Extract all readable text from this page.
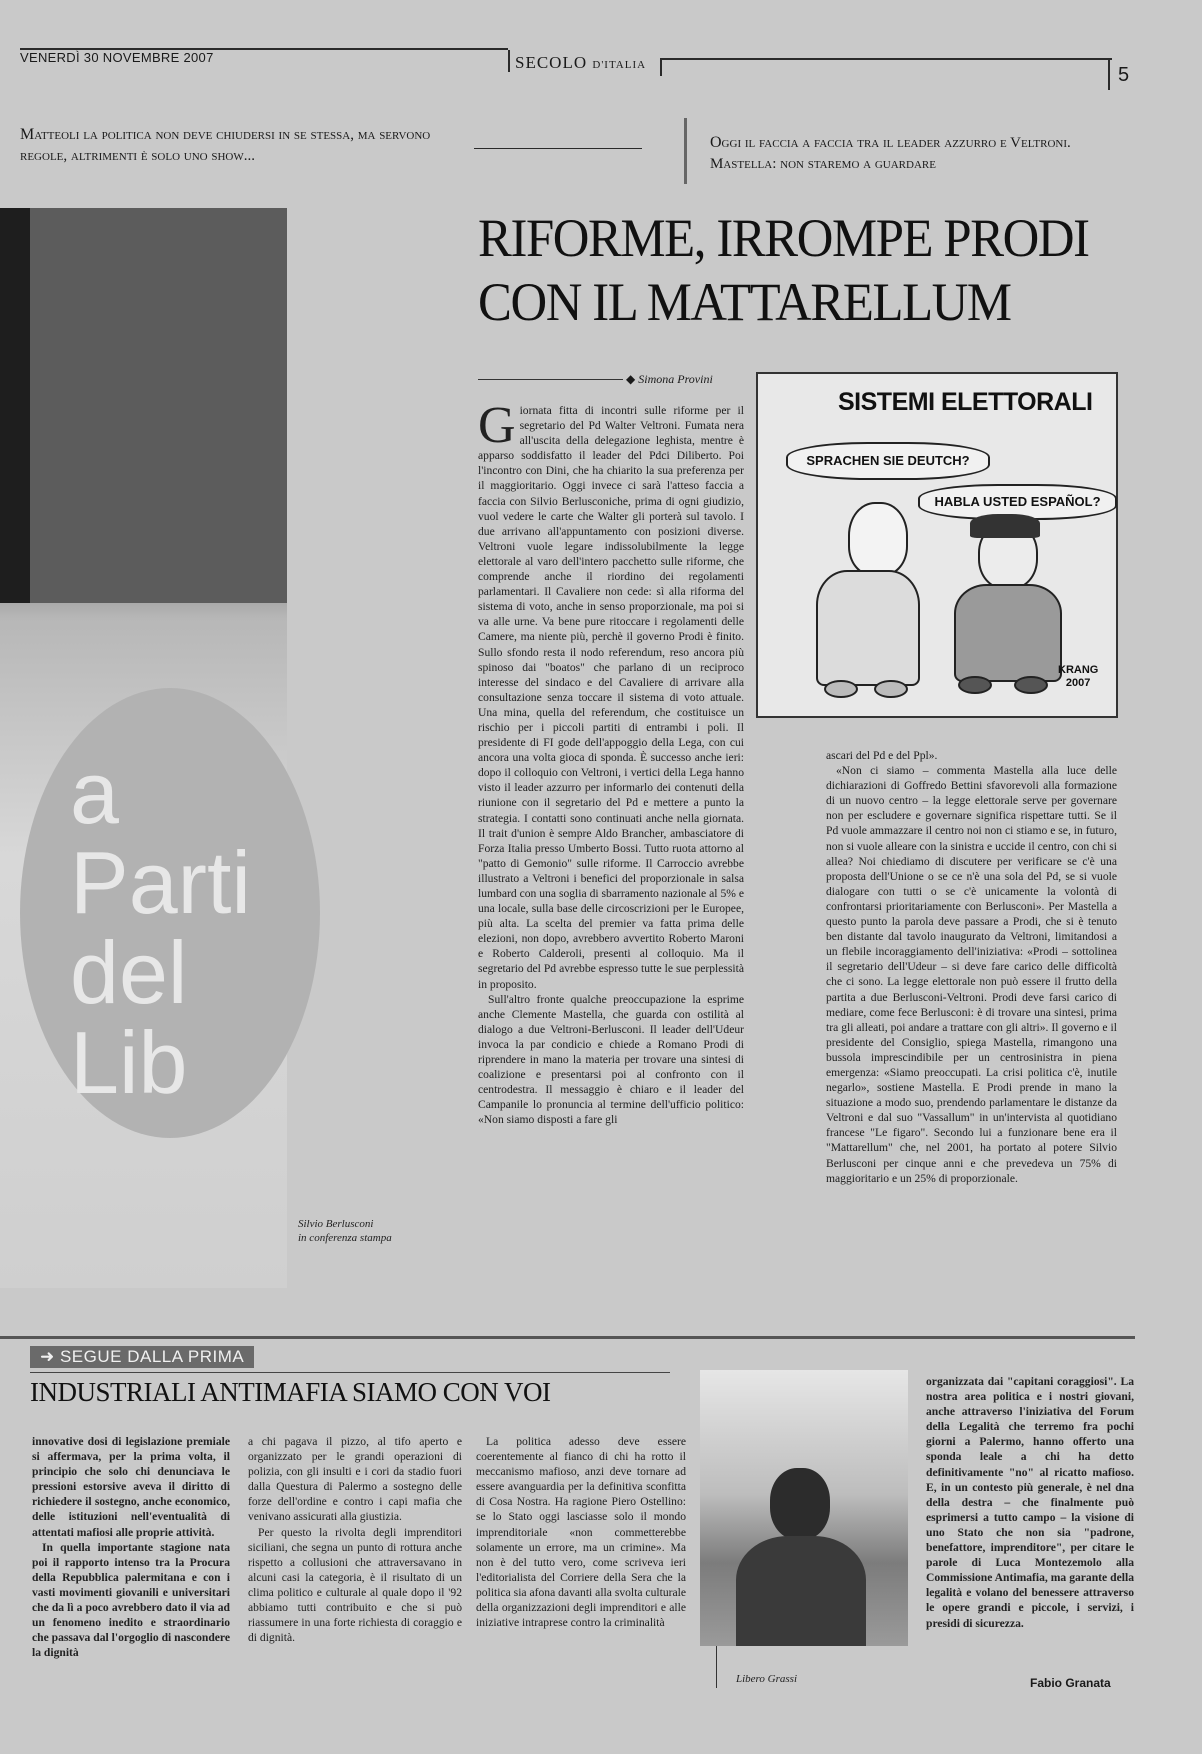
VENERDÌ 30 NOVEMBRE 2007	SECOLO D'ITALIA	5
Matteoli la politica non deve chiudersi in se stessa, ma servono regole, altrimenti è solo uno show...
Oggi il faccia a faccia tra il leader azzurro e Veltroni. Mastella: non staremo a guardare
a Parti del Lib
Silvio Berlusconi
in conferenza stampa
RIFORME, IRROMPE PRODI
CON IL MATTARELLUM
◆ Simona Provini
SISTEMI ELETTORALI
SPRACHEN SIE DEUTCH?
HABLA USTED ESPAÑOL?
KRANG
2007

Giornata fitta di incontri sulle riforme per il segretario del Pd Walter Veltroni. Fumata nera all'uscita della delegazione leghista, mentre è apparso soddisfatto il leader del Pdci Diliberto. Poi l'incontro con Dini, che ha chiarito la sua preferenza per il maggioritario. Oggi invece ci sarà l'atteso faccia a faccia con Silvio Berlusconiche, prima di ogni giudizio, vuol vedere le carte che Walter gli porterà sul tavolo. I due arrivano all'appuntamento con posizioni diverse. Veltroni vuole legare indissolubilmente la legge elettorale al varo dell'intero pacchetto sulle riforme, che comprende anche il riordino dei regolamenti parlamentari. Il Cavaliere non cede: sì alla riforma del sistema di voto, anche in senso proporzionale, ma poi si va alle urne. Va bene pure ritoccare i regolamenti delle Camere, ma niente più, perchè il governo Prodi è finito. Sullo sfondo resta il nodo referendum, reso ancora più spinoso dai "boatos" che parlano di un reciproco interesse del sindaco e del Cavaliere di arrivare alla consultazione senza toccare il sistema di voto attuale. Una mina, quella del referendum, che costituisce un rischio per i piccoli partiti di entrambi i poli. Il presidente di FI gode dell'appoggio della Lega, con cui ancora una volta gioca di sponda. È successo anche ieri: dopo il colloquio con Veltroni, i vertici della Lega hanno visto il leader azzurro per informarlo dei contenuti della riunione con il segretario del Pd e mettere a punto la strategia. I contatti sono continuati anche nella giornata. Il trait d'union è sempre Aldo Brancher, ambasciatore di Forza Italia presso Umberto Bossi. Tutto ruota attorno al "patto di Gemonio" sulle riforme. Il Carroccio avrebbe illustrato a Veltroni i benefici del proporzionale in salsa lumbard con una soglia di sbarramento nazionale al 5% e una locale, sulla base delle circoscrizioni per le Europee, più alta. La scelta del premier va fatta prima delle elezioni, non dopo, avrebbero avvertito Roberto Maroni e Roberto Calderoli, presenti al colloquio. Ma il segretario del Pd avrebbe espresso tutte le sue perplessità in proposito.

Sull'altro fronte qualche preoccupazione la esprime anche Clemente Mastella, che guarda con ostilità al dialogo a due Veltroni-Berlusconi. Il leader dell'Udeur invoca la par condicio e chiede a Romano Prodi di riprendere in mano la materia per trovare una sintesi di coalizione e presentarsi poi al confronto con il centrodestra. Il messaggio è chiaro e il leader del Campanile lo pronuncia al termine dell'ufficio politico: «Non siamo disposti a fare gli

ascari del Pd e del Ppl».

«Non ci siamo – commenta Mastella alla luce delle dichiarazioni di Goffredo Bettini sfavorevoli alla formazione di un nuovo centro – la legge elettorale serve per governare non per escludere e governare significa rispettare tutti. Se il Pd vuole ammazzare il centro noi non ci stiamo e se, in futuro, non si vuole alleare con la sinistra e uccide il centro, con chi si allea? Noi chiediamo di discutere per verificare se c'è una proposta dell'Unione o se ce n'è una sola del Pd, se si vuole dialogare con tutti o se c'è unicamente la volontà di confrontarsi prioritariamente con Berlusconi». Per Mastella a questo punto la parola deve passare a Prodi, che si è tenuto ben distante dal tavolo inaugurato da Veltroni, limitandosi a un flebile incoraggiamento dell'iniziativa: «Prodi – sottolinea il segretario dell'Udeur – si deve fare carico delle difficoltà che ci sono. La legge elettorale non può essere il frutto della partita a due Berlusconi-Veltroni. Prodi deve farsi carico di mediare, come fece Berlusconi: è di trovare una sintesi, prima tra gli alleati, poi andare a trattare con gli altri». Il governo e il presidente del Consiglio, spiega Mastella, rimangono una bussola imprescindibile per un centrosinistra in piena emergenza: «Siamo preoccupati. La crisi politica c'è, inutile negarlo», sostiene Mastella. E Prodi prende in mano la situazione a modo suo, prendendo parlamentare le distanze da Veltroni e dal suo "Vassallum" in un'intervista al quotidiano francese "Le figaro". Secondo lui a funzionare bene era il "Mattarellum" che, nel 2001, ha portato al potere Silvio Berlusconi per cinque anni e che prevedeva un 75% di maggioritario e un 25% di proporzionale.

➜ SEGUE DALLA PRIMA
INDUSTRIALI ANTIMAFIA SIAMO CON VOI

innovative dosi di legislazione premiale si affermava, per la prima volta, il principio che solo chi denunciava le pressioni estorsive aveva il diritto di richiedere il sostegno, anche economico, delle istituzioni nell'eventualità di attentati mafiosi alle proprie attività.

In quella importante stagione nata poi il rapporto intenso tra la Procura della Repubblica palermitana e con i vasti movimenti giovanili e universitari che da lì a poco avrebbero dato il via ad un fenomeno inedito e straordinario che passava dal l'orgoglio di nascondere la dignità

a chi pagava il pizzo, al tifo aperto e organizzato per le grandi operazioni di polizia, con gli insulti e i cori da stadio fuori dalla Questura di Palermo a sostegno delle forze dell'ordine e contro i capi mafia che venivano assicurati alla giustizia.

Per questo la rivolta degli imprenditori siciliani, che segna un punto di rottura anche rispetto a collusioni che attraversavano in alcuni casi la categoria, è il risultato di un clima politico e culturale al quale dopo il '92 abbiamo tutti contribuito e che si può riassumere in una forte richiesta di coraggio e di dignità.

La politica adesso deve essere coerentemente al fianco di chi ha rotto il meccanismo mafioso, anzi deve tornare ad essere avanguardia per la definitiva sconfitta di Cosa Nostra. Ha ragione Piero Ostellino: se lo Stato oggi lasciasse solo il mondo imprenditoriale «non commetterebbe solamente un errore, ma un crimine». Ma non è del tutto vero, come scriveva ieri l'editorialista del Corriere della Sera che la politica sia afona davanti alla svolta culturale della organizzazioni degli imprenditori e alle iniziative intraprese contro la criminalità

Libero Grassi

organizzata dai "capitani coraggiosi". La nostra area politica e i nostri giovani, anche attraverso l'iniziativa del Forum della Legalità che terremo fra pochi giorni a Palermo, hanno offerto una sponda leale a chi ha detto definitivamente "no" al ricatto mafioso. E, in un contesto più generale, è nel dna della destra – che finalmente può esprimersi a tutto campo – la visione di uno Stato che non sia "padrone, benefattore, imprenditore", per citare le parole di Luca Montezemolo alla Commissione Antimafia, ma garante della legalità e volano del benessere attraverso le opere grandi e piccole, i servizi, i presidi di sicurezza.

Fabio Granata
